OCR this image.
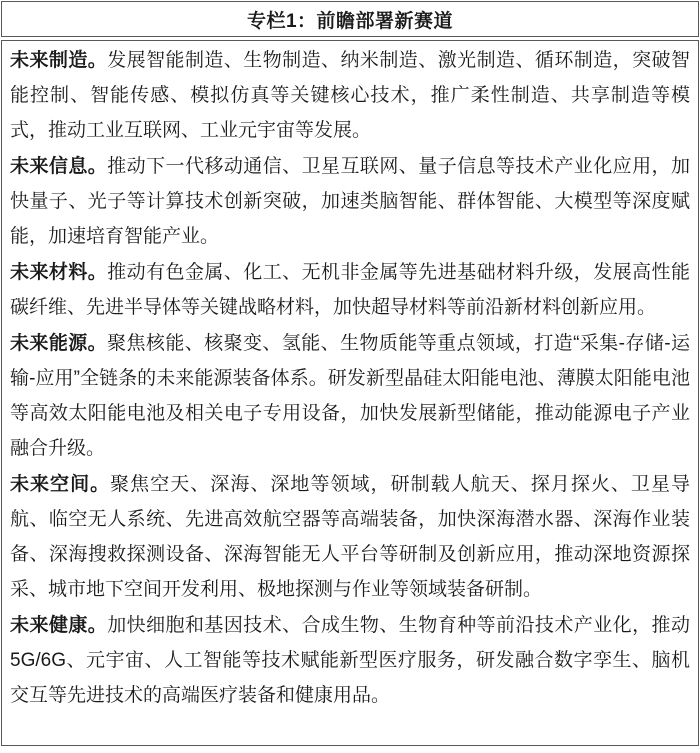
专栏1：前瞻部署新赛道

未来制造。发展智能制造、生物制造、纳米制造、激光制造、循环制造，突破智能控制、智能传感、模拟仿真等关键核心技术，推广柔性制造、共享制造等模式，推动工业互联网、工业元宇宙等发展。

未来信息。推动下一代移动通信、卫星互联网、量子信息等技术产业化应用，加快量子、光子等计算技术创新突破，加速类脑智能、群体智能、大模型等深度赋能，加速培育智能产业。

未来材料。推动有色金属、化工、无机非金属等先进基础材料升级，发展高性能碳纤维、先进半导体等关键战略材料，加快超导材料等前沿新材料创新应用。

未来能源。聚焦核能、核聚变、氢能、生物质能等重点领域，打造“采集-存储-运输-应用”全链条的未来能源装备体系。研发新型晶硅太阳能电池、薄膜太阳能电池等高效太阳能电池及相关电子专用设备，加快发展新型储能，推动能源电子产业融合升级。

未来空间。聚焦空天、深海、深地等领域，研制载人航天、探月探火、卫星导航、临空无人系统、先进高效航空器等高端装备，加快深海潜水器、深海作业装备、深海搜救探测设备、深海智能无人平台等研制及创新应用，推动深地资源探采、城市地下空间开发利用、极地探测与作业等领域装备研制。

未来健康。加快细胞和基因技术、合成生物、生物育种等前沿技术产业化，推动5G/6G、元宇宙、人工智能等技术赋能新型医疗服务，研发融合数字孪生、脑机交互等先进技术的高端医疗装备和健康用品。
